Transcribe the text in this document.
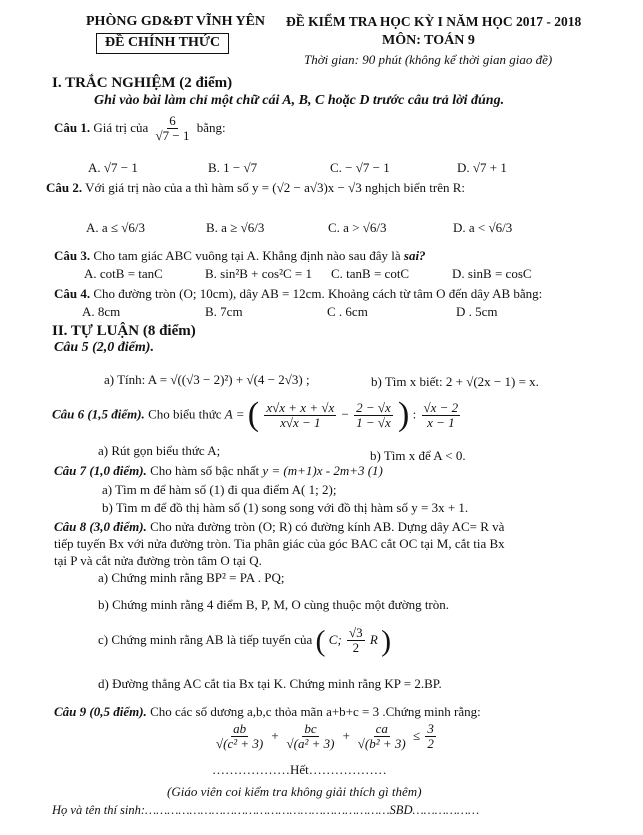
PHÒNG GD&ĐT VĨNH YÊN
ĐỀ CHÍNH THỨC
ĐỀ KIỂM TRA HỌC KỲ I NĂM HỌC 2017 - 2018
MÔN: TOÁN 9
Thời gian: 90 phút (không kể thời gian giao đề)
I. TRẮC NGHIỆM (2 điểm)
Ghi vào bài làm chỉ một chữ cái A, B, C hoặc D trước câu trả lời đúng.
Câu 1. Giá trị của $\frac{6}{√7 - 1}$ bằng:
A. √7 − 1	B. 1 − √7	C. − √7 − 1	D. √7 + 1
Câu 2. Với giá trị nào của a thì hàm số y = (√2 − a√3)x − √3 nghịch biến trên R:
A. a ≤ √6/3	B. a ≥ √6/3	C. a > √6/3	D. a < √6/3
Câu 3. Cho tam giác ABC vuông tại A. Khẳng định nào sau đây là sai?
A. cotB = tanC	B. sin²B + cos²C = 1 C. tanB = cotC	D. sinB = cosC
Câu 4. Cho đường tròn (O; 10cm), dây AB = 12cm. Khoảng cách từ tâm O đến dây AB bằng:
A. 8cm	B. 7cm	C . 6cm	D . 5cm
II. TỰ LUẬN (8 điểm)
Câu 5 (2,0 điểm).
a) Tính: A = √((√3 − 2)²) + √(4 − 2√3) ;	b) Tìm x biết: 2 + √(2x − 1) = x.
Câu 6 (1,5 điểm). Cho biểu thức A = ( $\frac{x√x + x + √x}{x√x - 1} - \frac{2 - √x}{1 - √x}$ ) : $\frac{√x - 2}{x - 1}$
a) Rút gọn biểu thức A;	b) Tìm x để A < 0.
Câu 7 (1,0 điểm). Cho hàm số bậc nhất y = (m+1)x - 2m+3 (1)
a) Tìm m để hàm số (1) đi qua điểm A( 1; 2);
b) Tìm m để đồ thị hàm số (1) song song với đồ thị hàm số y = 3x + 1.
Câu 8 (3,0 điểm). Cho nửa đường tròn (O; R) có đường kính AB. Dựng dây AC= R và
tiếp tuyến Bx với nửa đường tròn. Tia phân giác của góc BAC cắt OC tại M, cắt tia Bx
tại P và cắt nửa đường tròn tâm O tại Q.
a) Chứng minh rằng BP² = PA . PQ;
b) Chứng minh rằng 4 điểm B, P, M, O cùng thuộc một đường tròn.
c) Chứng minh rằng AB là tiếp tuyến của ( C; $\frac{√3}{2}$ R )
d) Đường thẳng AC cắt tia Bx tại K. Chứng minh rằng KP = 2.BP.
Câu 9 (0,5 điểm). Cho các số dương a,b,c thỏa mãn a+b+c = 3 .Chứng minh rằng:
$\frac{ab}{\text{√(c² + 3)}} + \frac{bc}{\text{√(a² + 3)}} + \frac{ca}{\text{√(b² + 3)}} \le \frac{3}{2}$
………………Hết………………
(Giáo viên coi kiểm tra không giải thích gì thêm)
Họ và tên thí sinh:…………………………………………………………SBD………………
